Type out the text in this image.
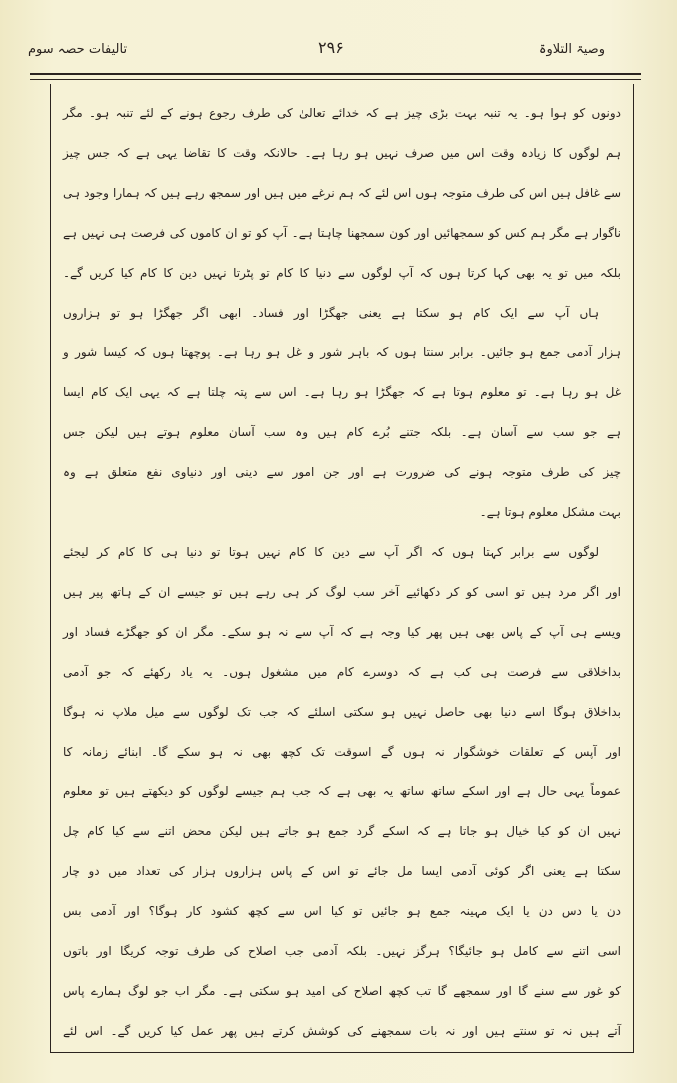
وصیۃ التلاوۃ
۲۹۶
تالیفات حصہ سوم
دونوں کو ہوا ہو۔ یہ تنبہ بہت بڑی چیز ہے کہ خدائے تعالیٰ کی طرف رجوع ہونے کے لئے تنبہ ہو۔ مگر
ہم لوگوں کا زیادہ وقت اس میں صرف نہیں ہو رہا ہے۔ حالانکہ وقت کا تقاضا یہی ہے کہ جس چیز
سے غافل ہیں اس کی طرف متوجہ ہوں اس لئے کہ ہم نرغے میں ہیں اور سمجھ رہے ہیں کہ ہمارا وجود ہی
ناگوار ہے مگر ہم کس کو سمجھائیں اور کون سمجھنا چاہتا ہے۔ آپ کو تو ان کاموں کی فرصت ہی نہیں ہے
بلکہ میں تو یہ بھی کہا کرتا ہوں کہ آپ لوگوں سے دنیا کا کام تو پٹرتا نہیں دین کا کام کیا کریں گے۔
ہاں آپ سے ایک کام ہو سکتا ہے یعنی جھگڑا اور فساد۔ ابھی اگر جھگڑا ہو تو ہزاروں
ہزار آدمی جمع ہو جائیں۔ برابر سنتا ہوں کہ باہر شور و غل ہو رہا ہے۔ پوچھتا ہوں کہ کیسا شور و
غل ہو رہا ہے۔ تو معلوم ہوتا ہے کہ جھگڑا ہو رہا ہے۔ اس سے پتہ چلتا ہے کہ یہی ایک کام ایسا
ہے جو سب سے آسان ہے۔ بلکہ جتنے بُرے کام ہیں وہ سب آسان معلوم ہوتے ہیں لیکن جس
چیز کی طرف متوجہ ہونے کی ضرورت ہے اور جن امور سے دینی اور دنیاوی نفع متعلق ہے وہ
بہت مشکل معلوم ہوتا ہے۔
لوگوں سے برابر کہتا ہوں کہ اگر آپ سے دین کا کام نہیں ہوتا تو دنیا ہی کا کام کر لیجئے
اور اگر مرد ہیں تو اسی کو کر دکھائیے آخر سب لوگ کر ہی رہے ہیں تو جیسے ان کے ہاتھ پیر ہیں
ویسے ہی آپ کے پاس بھی ہیں پھر کیا وجہ ہے کہ آپ سے نہ ہو سکے۔ مگر ان کو جھگڑے فساد اور
بداخلاقی سے فرصت ہی کب ہے کہ دوسرے کام میں مشغول ہوں۔ یہ یاد رکھئے کہ جو آدمی
بداخلاق ہوگا اسے دنیا بھی حاصل نہیں ہو سکتی اسلئے کہ جب تک لوگوں سے میل ملاپ نہ ہوگا
اور آپس کے تعلقات خوشگوار نہ ہوں گے اسوقت تک کچھ بھی نہ ہو سکے گا۔ ابنائے زمانہ کا
عموماً یہی حال ہے اور اسکے ساتھ ساتھ یہ بھی ہے کہ جب ہم جیسے لوگوں کو دیکھتے ہیں تو معلوم
نہیں ان کو کیا خیال ہو جاتا ہے کہ اسکے گرد جمع ہو جاتے ہیں لیکن محض اتنے سے کیا کام چل
سکتا ہے یعنی اگر کوئی آدمی ایسا مل جائے تو اس کے پاس ہزاروں ہزار کی تعداد میں دو چار
دن یا دس دن یا ایک مہینہ جمع ہو جائیں تو کیا اس سے کچھ کشود کار ہوگا؟ اور آدمی بس
اسی اتنے سے کامل ہو جائیگا؟ ہرگز نہیں۔ بلکہ آدمی جب اصلاح کی طرف توجہ کریگا اور باتوں
کو غور سے سنے گا اور سمجھے گا تب کچھ اصلاح کی امید ہو سکتی ہے۔ مگر اب جو لوگ ہمارے پاس
آتے ہیں نہ تو سنتے ہیں اور نہ بات سمجھنے کی کوشش کرتے ہیں پھر عمل کیا کریں گے۔ اس لئے
